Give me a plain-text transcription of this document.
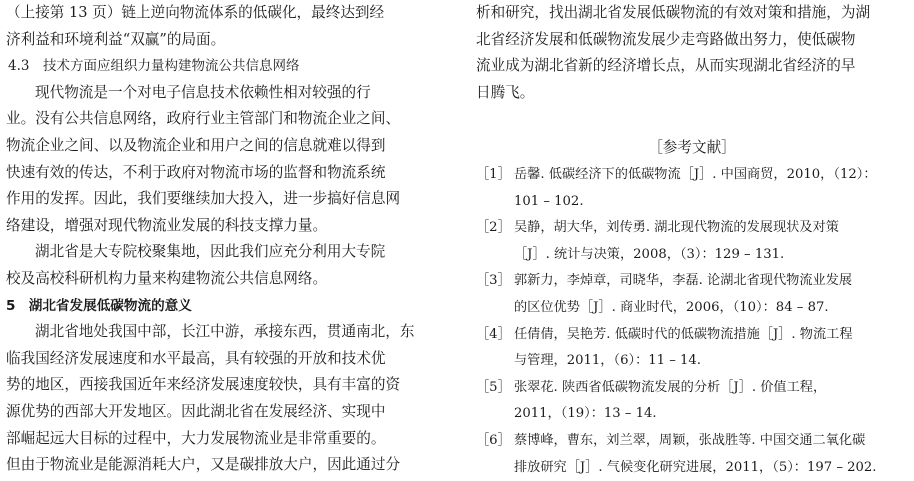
（上接第 13 页）链上逆向物流体系的低碳化，最终达到经
济利益和环境利益“双赢”的局面。
4.3　技术方面应组织力量构建物流公共信息网络
现代物流是一个对电子信息技术依赖性相对较强的行
业。没有公共信息网络，政府行业主管部门和物流企业之间、
物流企业之间、以及物流企业和用户之间的信息就难以得到
快速有效的传达，不利于政府对物流市场的监督和物流系统
作用的发挥。因此，我们要继续加大投入，进一步搞好信息网
络建设，增强对现代物流业发展的科技支撑力量。
湖北省是大专院校聚集地，因此我们应充分利用大专院
校及高校科研机构力量来构建物流公共信息网络。
5 湖北省发展低碳物流的意义
湖北省地处我国中部，长江中游，承接东西，贯通南北，东
临我国经济发展速度和水平最高，具有较强的开放和技术优
势的地区，西接我国近年来经济发展速度较快，具有丰富的资
源优势的西部大开发地区。因此湖北省在发展经济、实现中
部崛起远大目标的过程中，大力发展物流业是非常重要的。
但由于物流业是能源消耗大户，又是碳排放大户，因此通过分
析和研究，找出湖北省发展低碳物流的有效对策和措施，为湖
北省经济发展和低碳物流发展少走弯路做出努力，使低碳物
流业成为湖北省新的经济增长点，从而实现湖北省经济的早
日腾飞。
［参考文献］
［1］ 岳馨. 低碳经济下的低碳物流［J］. 中国商贸，2010，（12）：
101 – 102.
［2］ 吴静，胡大华，刘传勇. 湖北现代物流的发展现状及对策
［J］. 统计与决策，2008，（3）：129 – 131.
［3］ 郭新力，李焯章，司晓华，李磊. 论湖北省现代物流业发展
的区位优势［J］. 商业时代，2006，（10）：84 – 87.
［4］ 任倩倩，吴艳芳. 低碳时代的低碳物流措施［J］. 物流工程
与管理，2011，（6）：11 – 14.
［5］ 张翠花. 陕西省低碳物流发展的分析［J］. 价值工程，
2011，（19）：13 – 14.
［6］ 蔡博峰，曹东，刘兰翠，周颖，张战胜等. 中国交通二氧化碳
排放研究［J］. 气候变化研究进展，2011，（5）：197 – 202.
